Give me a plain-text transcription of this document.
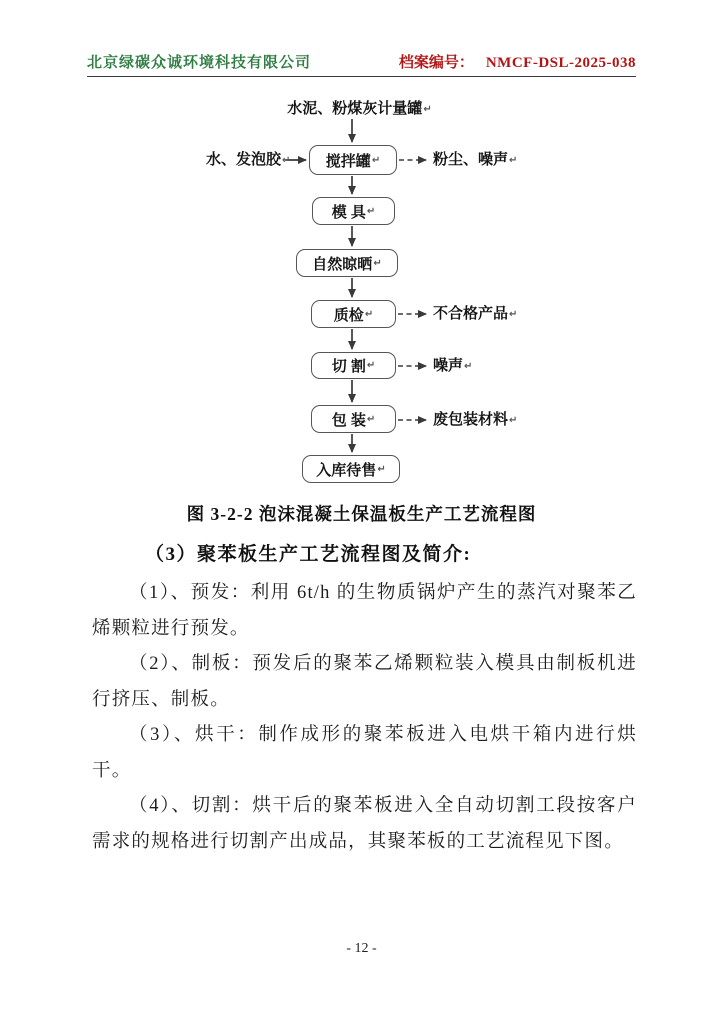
北京绿碳众诚环境科技有限公司	档案编号： NMCF-DSL-2025-038
水泥、粉煤灰计量罐↵
水、发泡胶↵ 搅拌罐 ↵
模 具 ↵
自然晾晒 ↵
质检 ↵
切 割 ↵
包 装 ↵
入库待售 ↵
粉尘、噪声↵
不合格产品↵
噪声↵
废包装材料↵
图 3-2-2 泡沫混凝土保温板生产工艺流程图
（3）聚苯板生产工艺流程图及简介:

（1）、预发：利用 6t/h 的生物质锅炉产生的蒸汽对聚苯乙烯颗粒进行预发。

（2）、制板：预发后的聚苯乙烯颗粒装入模具由制板机进行挤压、制板。

（3）、烘干：制作成形的聚苯板进入电烘干箱内进行烘干。

（4）、切割：烘干后的聚苯板进入全自动切割工段按客户需求的规格进行切割产出成品，其聚苯板的工艺流程见下图。

- 12 -
